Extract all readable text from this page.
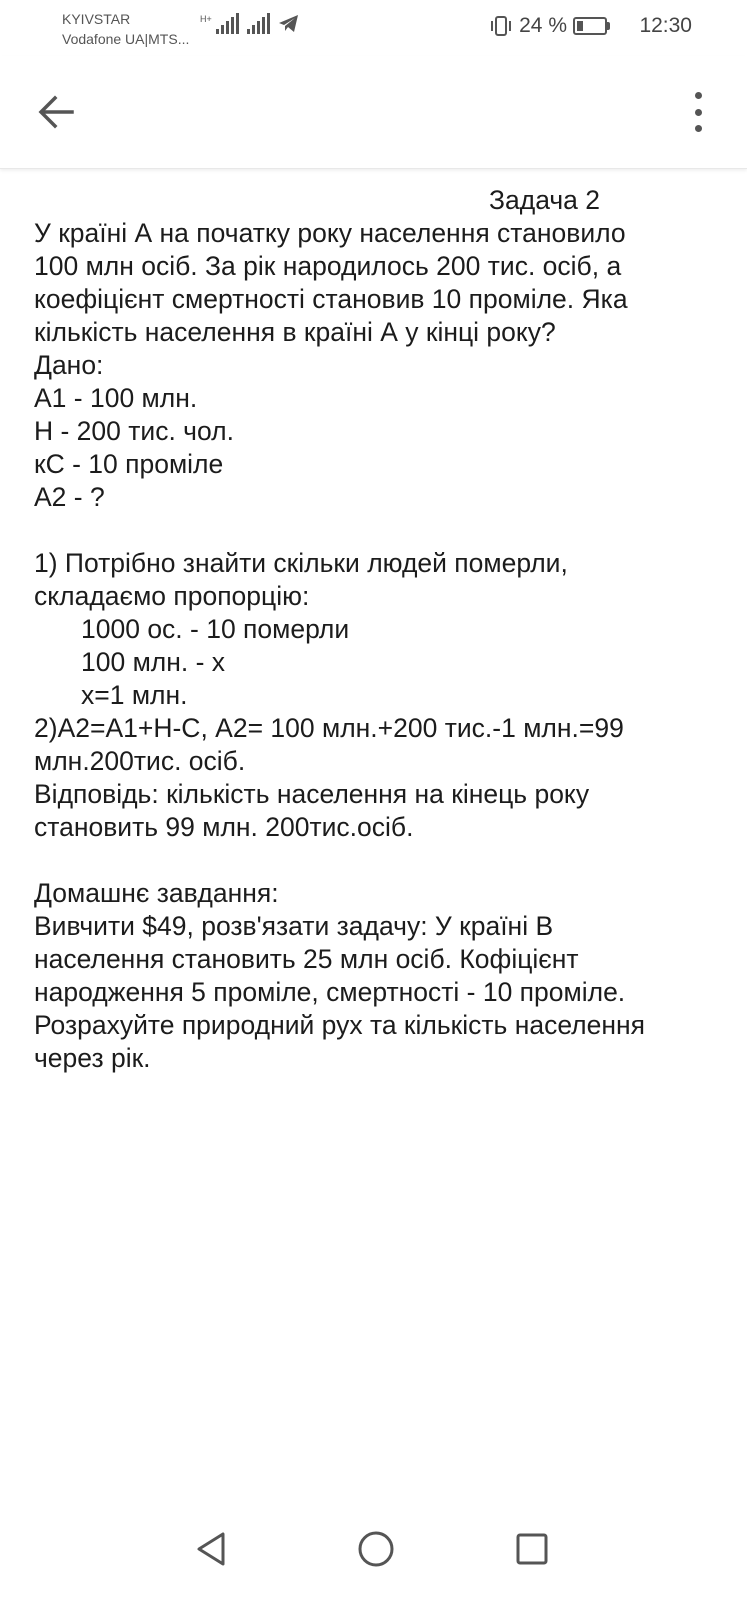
KYIVSTAR
Vodafone UA|MTS...
H+	24 %	12:30
Задача 2
У країні А на початку року населення становило
100 млн осіб. За рік народилось 200 тис. осіб, а
коефіцієнт смертності становив 10 проміле. Яка
кількість населення в країні А у кінці року?
Дано:
А1 - 100 млн.
Н - 200 тис. чол.
кС - 10 проміле
А2 - ?
1) Потрібно знайти скільки людей померли,
складаємо пропорцію:
1000 ос. - 10 померли
100 млн. - х
х=1 млн.
2)А2=А1+Н-С, А2= 100 млн.+200 тис.-1 млн.=99
млн.200тис. осіб.
Відповідь: кількість населення на кінець року
становить 99 млн. 200тис.осіб.
Домашнє завдання:
Вивчити $49, розв'язати задачу: У країні В
населення становить 25 млн осіб. Кофіцієнт
народження 5 проміле, смертності - 10 проміле.
Розрахуйте природний рух та кількість населення
через рік.
